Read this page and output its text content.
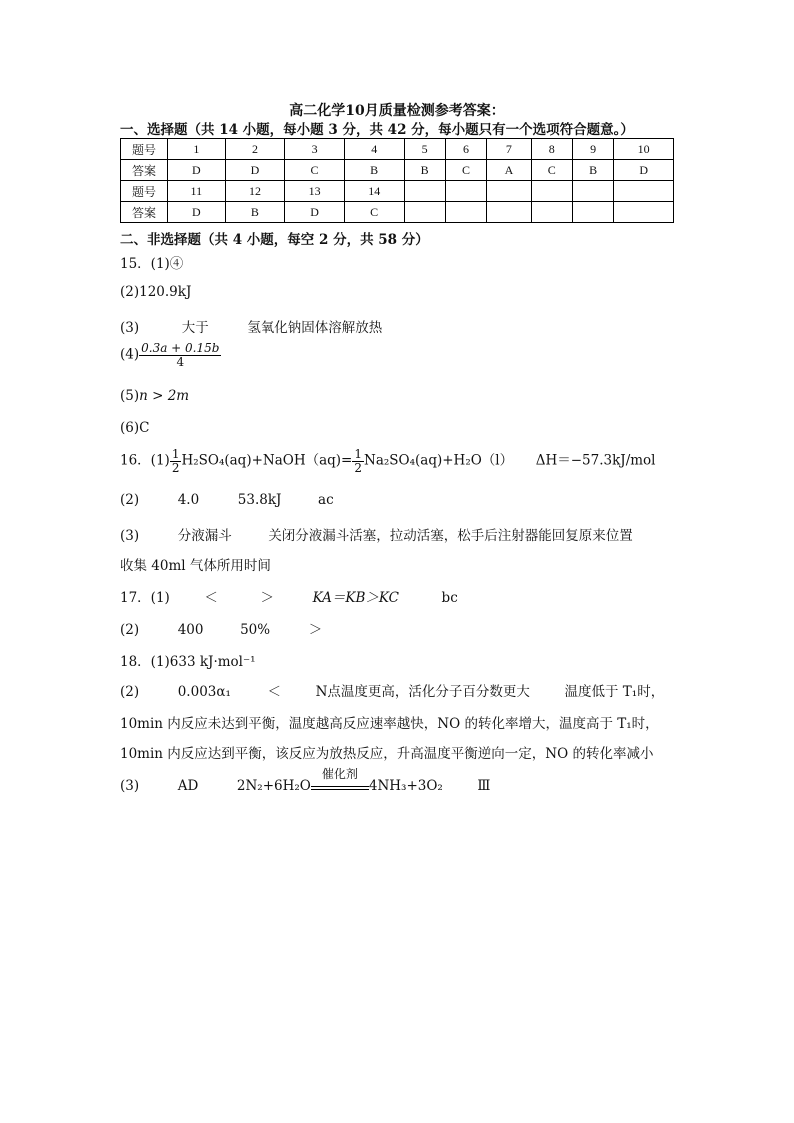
高二化学10月质量检测参考答案：
一、选择题（共 14 小题，每小题 3 分，共 42 分，每小题只有一个选项符合题意。）
题号	1	2	3	4	5	6	7	8	9	10
答案	D	D	C	B	B	C	A	C	B	D
题号	11	12	13	14						
答案	D	B	D	C						
二、非选择题（共 4 小题，每空 2 分，共 58 分）
15．(1)④
(2)120.9kJ
(3)	大于	氢氧化钠固体溶解放热
$(4) \frac{0.3a + 0.15b}{4}$
(5)n > 2m
(6)C
16．$(1) \frac{1}{2}$ H₂SO₄(aq)+NaOH（aq)= $\frac{1}{2} Na_2SO_4(aq)+H_2O(l)$ ΔH＝−57.3kJ/mol
(2)	4.0	53.8kJ	ac
(3)	分液漏斗	关闭分液漏斗活塞，拉动活塞，松手后注射器能回复原来位置
收集 40ml 气体所用时间
17．(1)	＜	＞	KA＝KB＞KC	bc
(2)	400	50%	＞
18．(1)633 kJ·mol⁻¹
(2)	0.003α₁	＜	N点温度更高，活化分子百分数更大	温度低于 T₁时，
10min 内反应未达到平衡，温度越高反应速率越快，NO 的转化率增大，温度高于 T₁时，
10min 内反应达到平衡，该反应为放热反应，升高温度平衡逆向一定，NO 的转化率减小
(3)	AD	2N₂+6H₂O
催化剂
4NH₃+3O₂	Ⅲ
